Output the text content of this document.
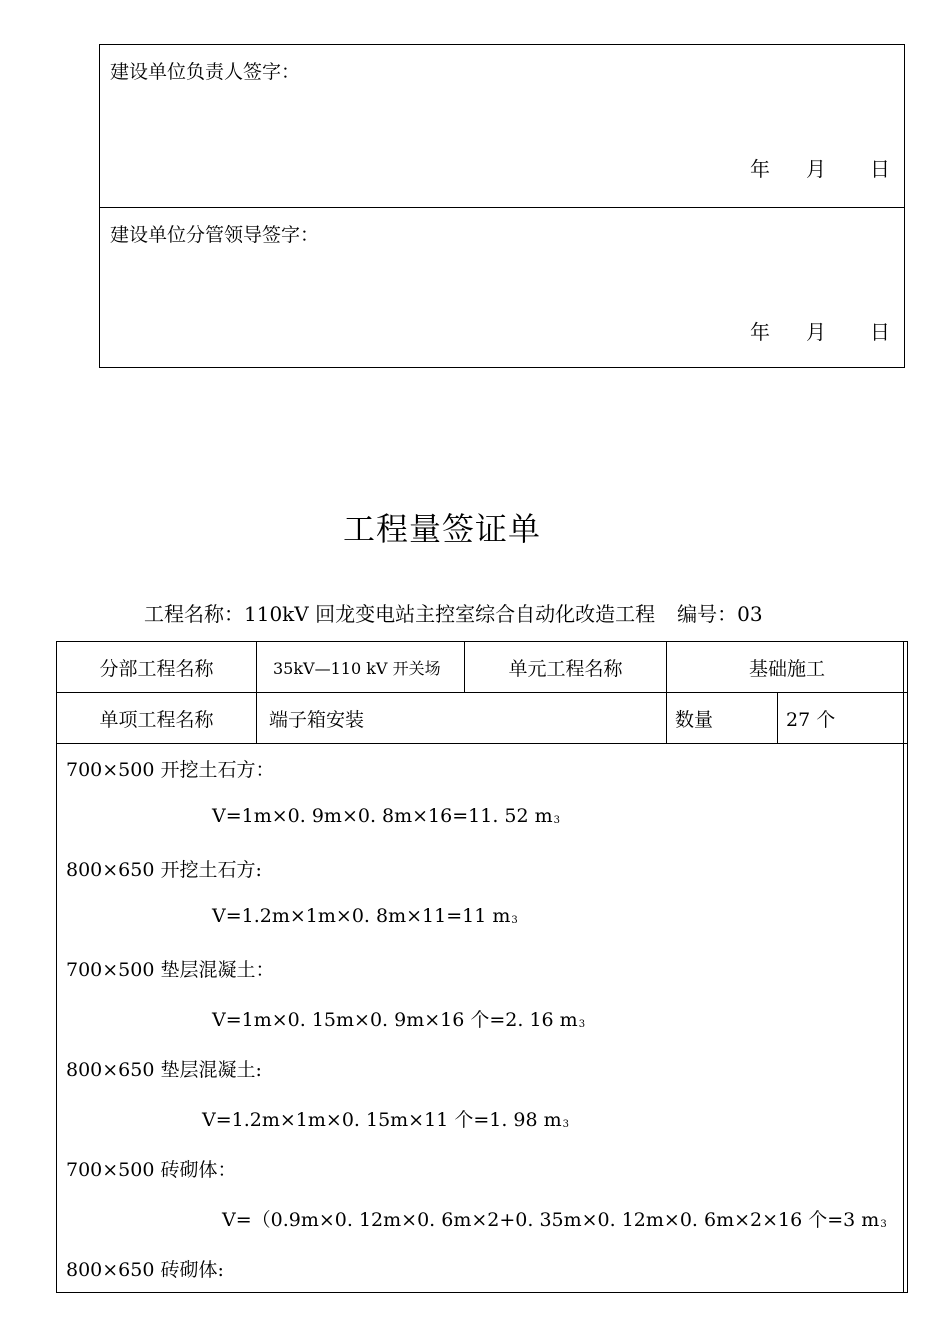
建设单位负责人签字：
年 月 日
建设单位分管领导签字：
年 月 日
工程量签证单
工程名称：110kV 回龙变电站主控室综合自动化改造工程 编号：03
分部工程名称	35kV—110 kV 开关场	单元工程名称	基础施工
单项工程名称	端子箱安装	数量	27 个
700×500 开挖土石方：
V=1m×0. 9m×0. 8m×16=11. 52 m3
800×650 开挖土石方:
V=1.2m×1m×0. 8m×11=11 m3
700×500 垫层混凝土：
V=1m×0. 15m×0. 9m×16 个=2. 16 m3
800×650 垫层混凝土:
V=1.2m×1m×0. 15m×11 个=1. 98 m3
700×500 砖砌体：
V=（0.9m×0. 12m×0. 6m×2+0. 35m×0. 12m×0. 6m×2×16 个=3 m3
800×650 砖砌体:
